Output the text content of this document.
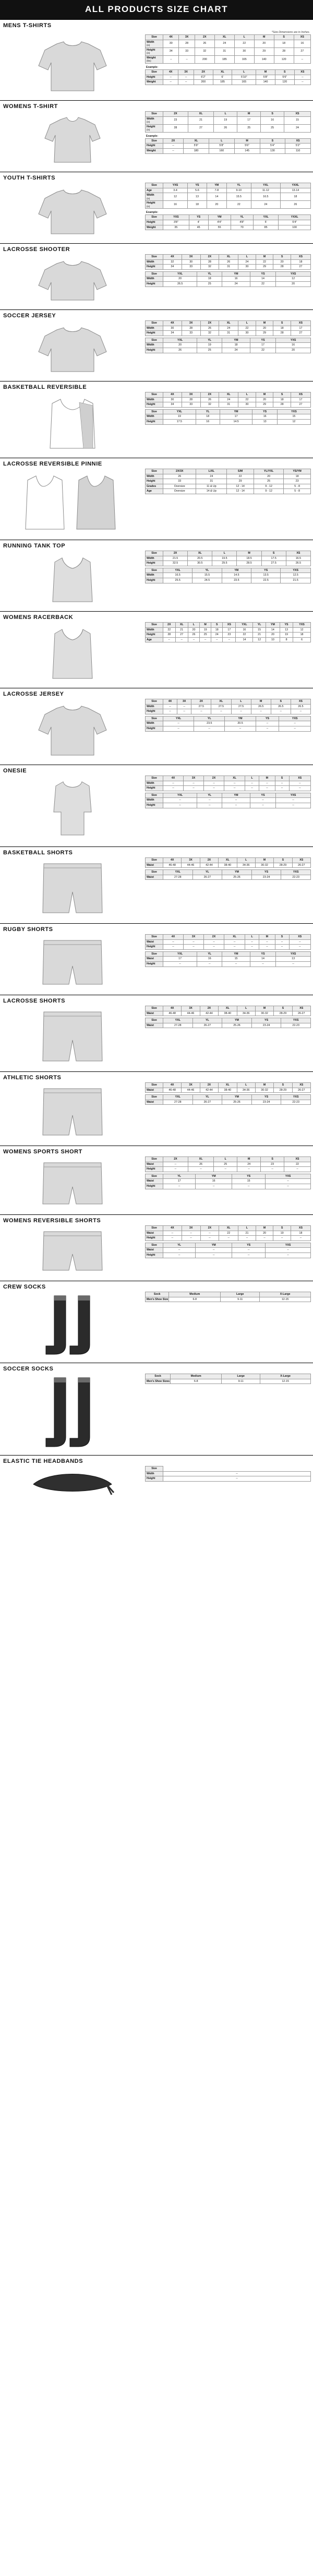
ALL PRODUCTS SIZE CHART
MENS T-SHIRTS
*Size Dimensions are in Inches.
Size	4X	3X	2X	XL	L	M	S	XS
Width
(in)	30	28	26	24	22	20	18	16
Height
(in)	34	33	32	31	30	29	28	27
Weight
(lbs)	--	--	200	185	165	140	120	--
Example:
Size	4X	3X	2X	XL	L	M	S	XS
Height	--	--	6'2"	6'	5'10"	5'8"	5'6"	--
Weight	--	--	200	185	165	140	120	--
WOMENS T-SHIRT
Size	2X	XL	L	M	S	XS
Width
(in)	23	21	19	17	16	15
Height
(in)	28	27	26	25	25	24
Example:
Size	2X	XL	L	M	S	XS
Height	--	5'9"	5'8"	5'6"	5'4"	5'2"
Weight	--	180	160	145	130	110
YOUTH T-SHIRTS
Size	YXS	YS	YM	YL	YXL	YXXL
Age	3-4	5-6	7-8	9-10	11-12	13-14
Width
(in)	12	13	14	15.5	16.5	18
Height
(in)	16	18	20	22	24	26
Example:
Size	YXS	YS	YM	YL	YXL	YXXL
Height	3'8"	4'	4'4"	4'8"	5'	5'4"
Weight	35	45	55	70	85	100
LACROSSE SHOOTER
Size	4X	3X	2X	XL	L	M	S	XS
Width	32	30	28	26	24	22	20	18
Height	34	33	32	31	30	29	28	27
Size	YXL	YL	YM	YS	YXS
Width	20	18	16	14	12
Height	26.5	25	24	22	20
SOCCER JERSEY
Size	4X	3X	2X	XL	L	M	S	XS
Width	30	28	26	24	22	20	18	17
Height	34	33	32	31	30	29	28	27
Size	YXL	YL	YM	YS	YXS
Width	20	19	18	17	16
Height	26	25	24	22	20
BASKETBALL REVERSIBLE
Size	4X	3X	2X	XL	L	M	S	XS
Width	30	28	26	24	22	20	18	17
Height	34	33	32	31	30	29	28	27
Size	YXL	YL	YM	YS	YXS
Width	19	18	17	16	15
Height	17.5	16	14.5	13	12
LACROSSE REVERSIBLE PINNIE
Size	2X/3X	L/XL	S/M	YL/YXL	YS/YM
Width	26	24	22	20	18
Height	33	31	29	25	23
Grades	Oversize	11 & Up	12 - 14	9 - 12	5 - 8
Age	Oversize	14 & Up	12 - 14	9 - 12	5 - 8
RUNNING TANK TOP
Size	2X	XL	L	M	S	XS
Width	21.5	20.5	19.5	18.5	17.5	16.5
Height	32.5	30.5	29.5	28.5	27.5	26.5
Size	YXL	YL	YM	YS	YXS
Width	16.5	15.5	14.5	13.5	12.5
Height	25.5	24.5	23.5	22.5	21.5
WOMENS RACERBACK
Size	2X	XL	L	M	S	XS	YXL	YL	YM	YS	YXS
Width	22	21	20	19	18	17	16	15	14	13	12
Height	28	27	26	25	24	23	22	21	20	19	18
Age	--	--	--	--	--	--	14	12	10	8	6
LACROSSE JERSEY
Size	4X	3X	2X	XL	L	M	S	XS
Width	--	--	27.5	27.5	27.5	26.5	26.5	26.5
Height	--	--	--	--	--	--	--	--
Size	YXL	YL	YM	YS	YXS
Width	--	23.5	20.5	--	--
Height	--	--	--	--	--
ONESIE
Size	4X	3X	2X	XL	L	M	S	XS
Width	--	--	--	--	--	--	--	--
Height	--	--	--	--	--	--	--	--
Size	YXL	YL	YM	YS	YXS
Width	--	--	--	--	--
Height	--	--	--	--	--
BASKETBALL SHORTS
Size	4X	3X	2X	XL	L	M	S	XS
Waist	46-48	44-46	42-44	38-40	34-36	30-32	28-29	26-27
Size	YXL	YL	YM	YS	YXS
Waist	27-28	26-27	25-26	23-24	22-23
RUGBY SHORTS
Size	4X	3X	2X	XL	L	M	S	XS
Waist	--	--	--	--	--	--	--	--
Height	--	--	--	--	--	--	--	--
Size	YXL	YL	YM	YS	YXS
Waist	17	16	15	14	13
Height	--	--	--	--	--
LACROSSE SHORTS
Size	4X	3X	2X	XL	L	M	S	XS
Waist	46-48	44-46	42-44	38-40	34-36	30-32	28-29	26-27
Size	YXL	YL	YM	YS	YXS
Waist	27-28	26-27	25-26	23-24	22-23
ATHLETIC SHORTS
Size	4X	3X	2X	XL	L	M	S	XS
Waist	46-48	44-46	42-44	38-40	34-36	30-32	28-29	26-27
Size	YXL	YL	YM	YS	YXS
Waist	27-28	26-27	25-26	23-24	22-23
WOMENS SPORTS SHORT
Size	2X	XL	L	M	S	XS
Waist	--	26	25	24	23	22
Height	--	--	--	--	--	--
Size	YL	YM	YS	YXS
Waist	17	16	15	--
Height	--	--	--	--
WOMENS REVERSIBLE SHORTS
Size	4X	3X	2X	XL	L	M	S	XS
Waist	--	--	--	22	21	20	19	18
Height	--	--	--	--	--	--	--	--
Size	YL	YM	YS	YXS
Waist	--	--	--	--
Height	--	--	--	--
CREW SOCKS
Sock	Medium	Large	X-Large
Men's Shoe Size	6-8	9-11	12-15
SOCCER SOCKS
Sock	Medium	Large	X-Large
Men's Shoe Sizes	6-8	9-11	12-15
ELASTIC TIE HEADBANDS
Size	
Width	--
Height	--
